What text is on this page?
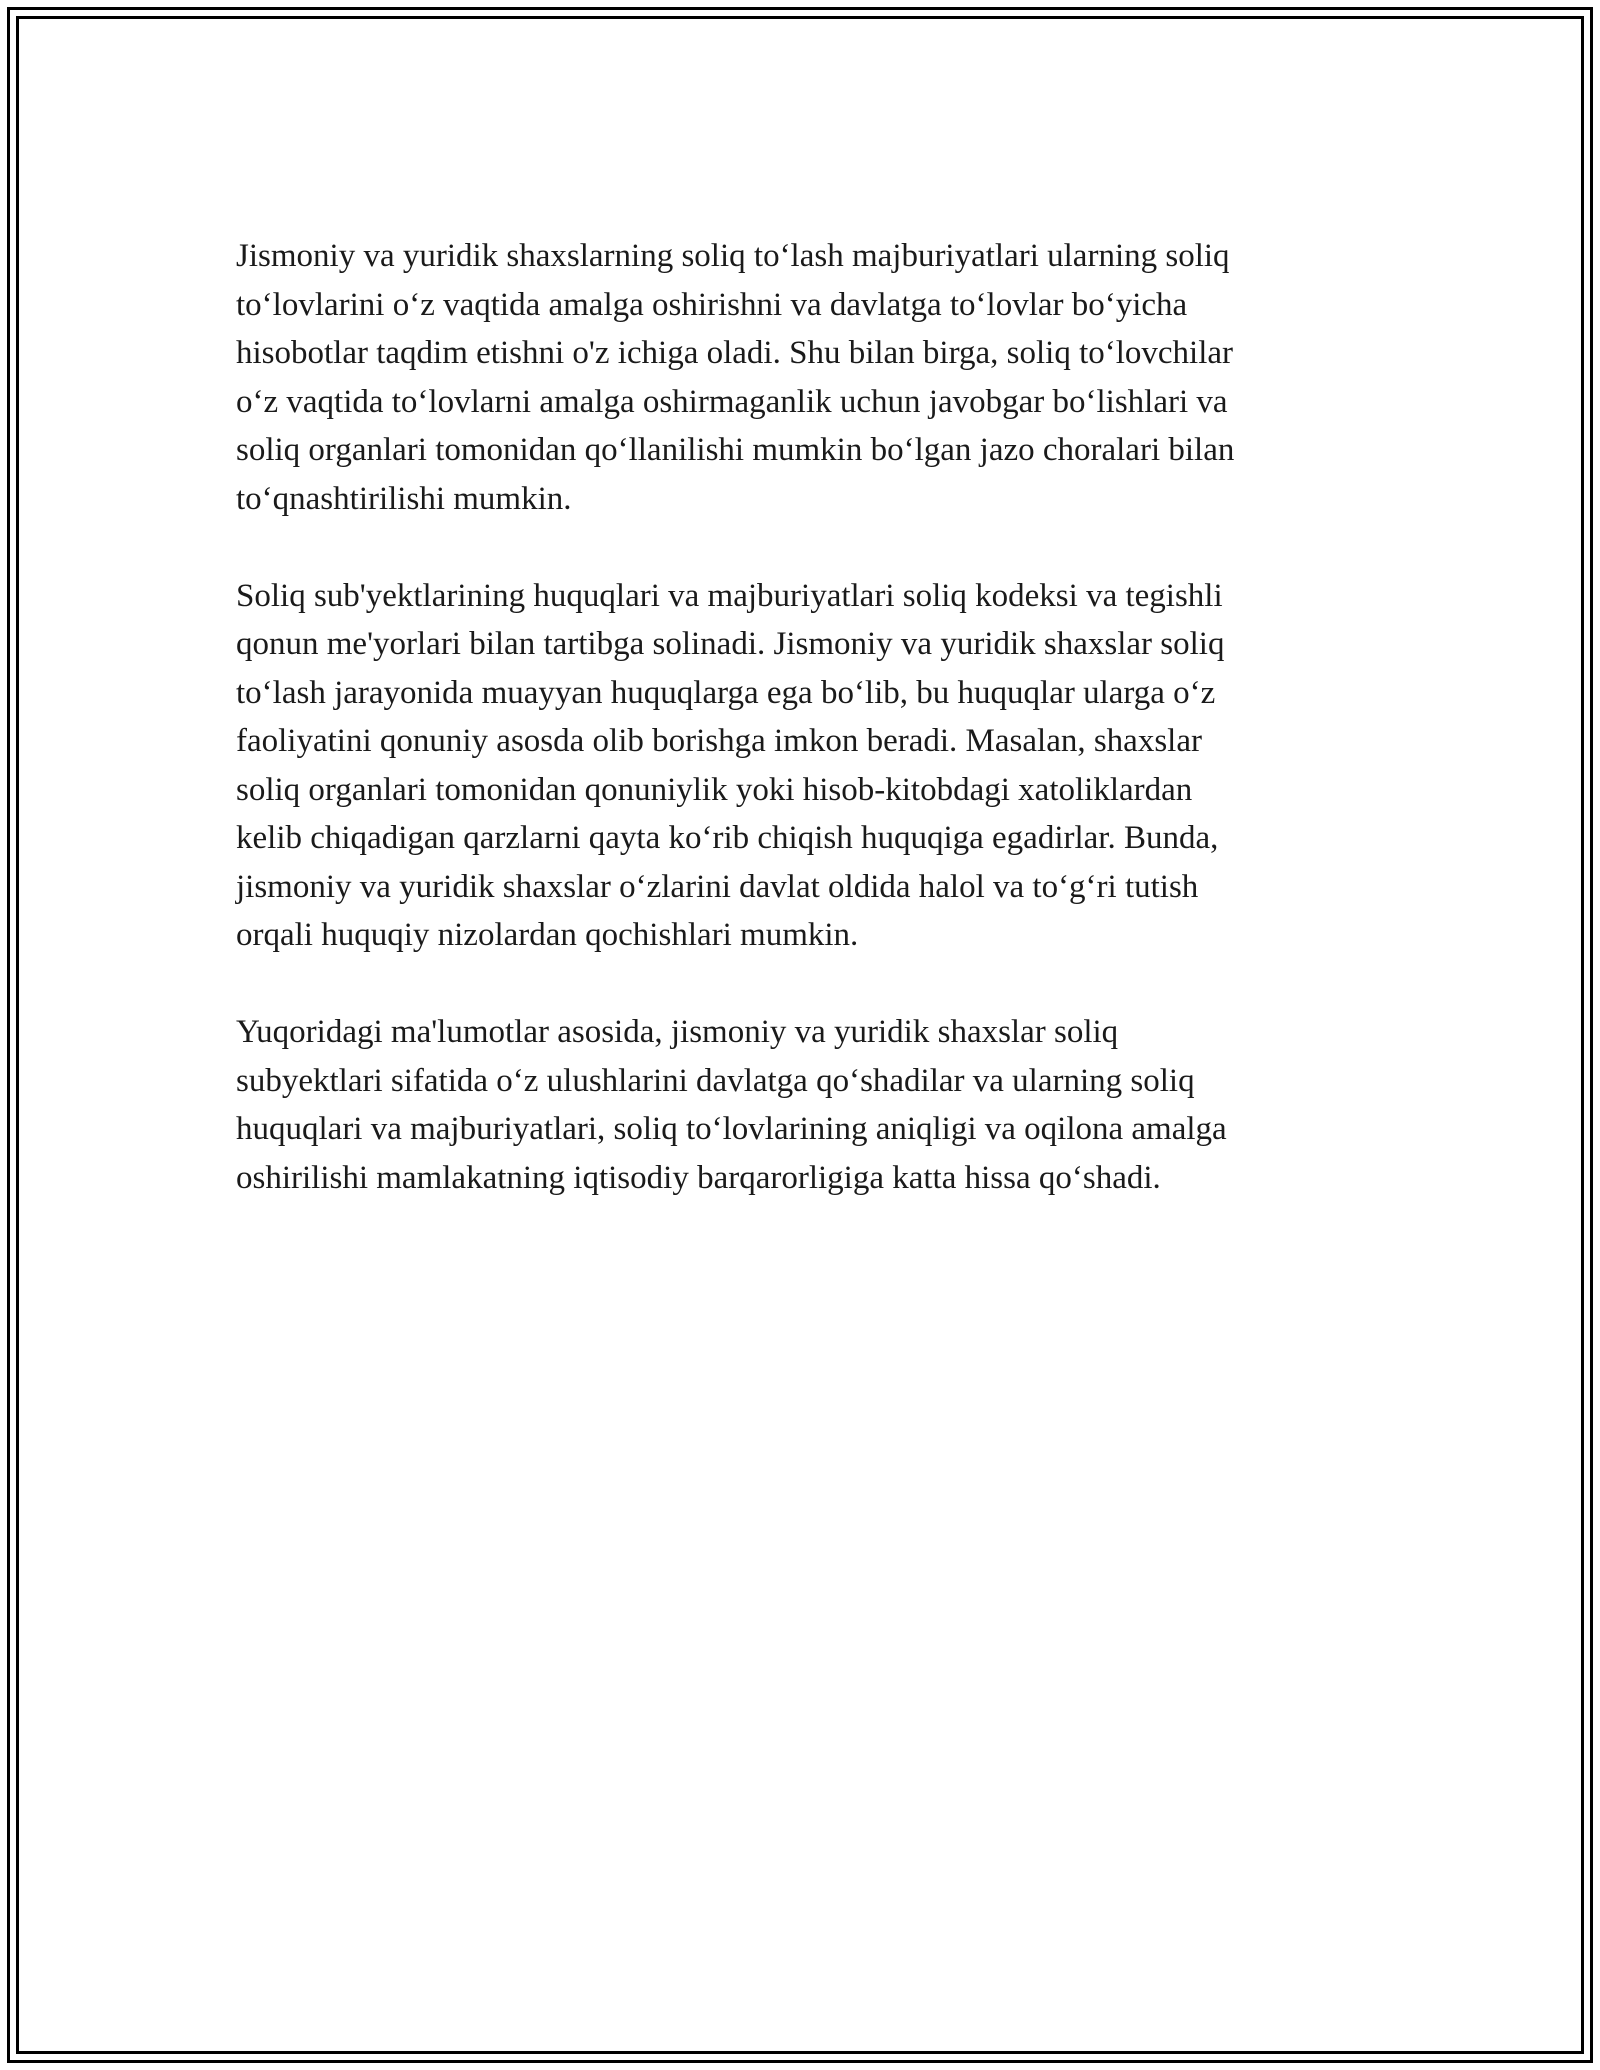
Jismoniy va yuridik shaxslarning soliq to‘lash majburiyatlari ularning soliq
to‘lovlarini o‘z vaqtida amalga oshirishni va davlatga to‘lovlar bo‘yicha
hisobotlar taqdim etishni o'z ichiga oladi. Shu bilan birga, soliq to‘lovchilar
o‘z vaqtida to‘lovlarni amalga oshirmaganlik uchun javobgar bo‘lishlari va
soliq organlari tomonidan qo‘llanilishi mumkin bo‘lgan jazo choralari bilan
to‘qnashtirilishi mumkin.

Soliq sub'yektlarining huquqlari va majburiyatlari soliq kodeksi va tegishli
qonun me'yorlari bilan tartibga solinadi. Jismoniy va yuridik shaxslar soliq
to‘lash jarayonida muayyan huquqlarga ega bo‘lib, bu huquqlar ularga o‘z
faoliyatini qonuniy asosda olib borishga imkon beradi. Masalan, shaxslar
soliq organlari tomonidan qonuniylik yoki hisob-kitobdagi xatoliklardan
kelib chiqadigan qarzlarni qayta ko‘rib chiqish huquqiga egadirlar. Bunda,
jismoniy va yuridik shaxslar o‘zlarini davlat oldida halol va to‘g‘ri tutish
orqali huquqiy nizolardan qochishlari mumkin.

Yuqoridagi ma'lumotlar asosida, jismoniy va yuridik shaxslar soliq
subyektlari sifatida o‘z ulushlarini davlatga qo‘shadilar va ularning soliq
huquqlari va majburiyatlari, soliq to‘lovlarining aniqligi va oqilona amalga
oshirilishi mamlakatning iqtisodiy barqarorligiga katta hissa qo‘shadi.
